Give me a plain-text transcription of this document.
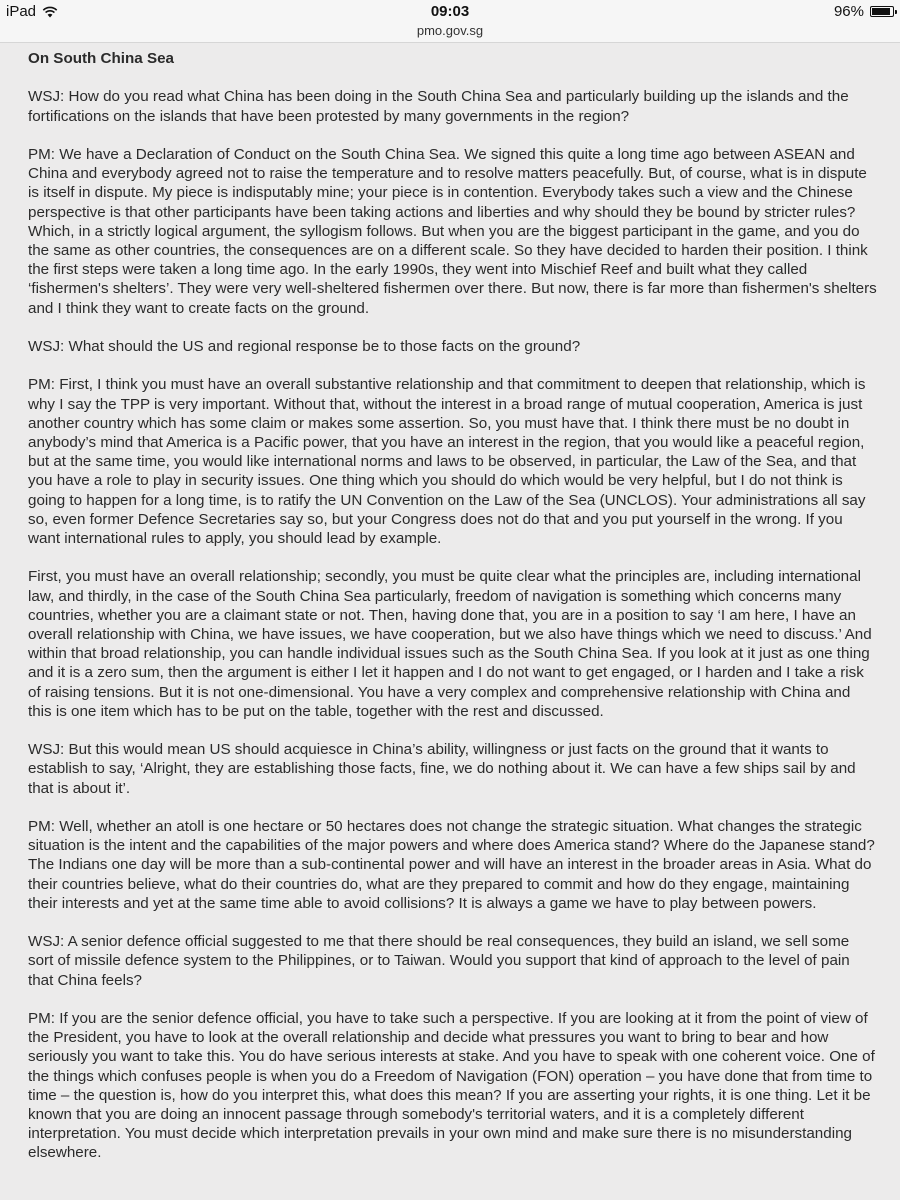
iPad	09:03	96%
pmo.gov.sg
On South China Sea

WSJ: How do you read what China has been doing in the South China Sea and particularly building up the islands and the fortifications on the islands that have been protested by many governments in the region?

PM: We have a Declaration of Conduct on the South China Sea. We signed this quite a long time ago between ASEAN and China and everybody agreed not to raise the temperature and to resolve matters peacefully. But, of course, what is in dispute is itself in dispute. My piece is indisputably mine; your piece is in contention. Everybody takes such a view and the Chinese perspective is that other participants have been taking actions and liberties and why should they be bound by stricter rules? Which, in a strictly logical argument, the syllogism follows. But when you are the biggest participant in the game, and you do the same as other countries, the consequences are on a different scale. So they have decided to harden their position. I think the first steps were taken a long time ago. In the early 1990s, they went into Mischief Reef and built what they called ‘fishermen's shelters’. They were very well-sheltered fishermen over there. But now, there is far more than fishermen's shelters and I think they want to create facts on the ground.

WSJ: What should the US and regional response be to those facts on the ground?

PM: First, I think you must have an overall substantive relationship and that commitment to deepen that relationship, which is why I say the TPP is very important. Without that, without the interest in a broad range of mutual cooperation, America is just another country which has some claim or makes some assertion. So, you must have that. I think there must be no doubt in anybody’s mind that America is a Pacific power, that you have an interest in the region, that you would like a peaceful region, but at the same time, you would like international norms and laws to be observed, in particular, the Law of the Sea, and that you have a role to play in security issues. One thing which you should do which would be very helpful, but I do not think is going to happen for a long time, is to ratify the UN Convention on the Law of the Sea (UNCLOS). Your administrations all say so, even former Defence Secretaries say so, but your Congress does not do that and you put yourself in the wrong. If you want international rules to apply, you should lead by example.

First, you must have an overall relationship; secondly, you must be quite clear what the principles are, including international law, and thirdly, in the case of the South China Sea particularly, freedom of navigation is something which concerns many countries, whether you are a claimant state or not. Then, having done that, you are in a position to say ‘I am here, I have an overall relationship with China, we have issues, we have cooperation, but we also have things which we need to discuss.’ And within that broad relationship, you can handle individual issues such as the South China Sea. If you look at it just as one thing and it is a zero sum, then the argument is either I let it happen and I do not want to get engaged, or I harden and I take a risk of raising tensions. But it is not one-dimensional. You have a very complex and comprehensive relationship with China and this is one item which has to be put on the table, together with the rest and discussed.

WSJ: But this would mean US should acquiesce in China’s ability, willingness or just facts on the ground that it wants to establish to say, ‘Alright, they are establishing those facts, fine, we do nothing about it. We can have a few ships sail by and that is about it’.

PM: Well, whether an atoll is one hectare or 50 hectares does not change the strategic situation. What changes the strategic situation is the intent and the capabilities of the major powers and where does America stand? Where do the Japanese stand? The Indians one day will be more than a sub-continental power and will have an interest in the broader areas in Asia. What do their countries believe, what do their countries do, what are they prepared to commit and how do they engage, maintaining their interests and yet at the same time able to avoid collisions? It is always a game we have to play between powers.

WSJ: A senior defence official suggested to me that there should be real consequences, they build an island, we sell some sort of missile defence system to the Philippines, or to Taiwan. Would you support that kind of approach to the level of pain that China feels?

PM: If you are the senior defence official, you have to take such a perspective. If you are looking at it from the point of view of the President, you have to look at the overall relationship and decide what pressures you want to bring to bear and how seriously you want to take this. You do have serious interests at stake. And you have to speak with one coherent voice. One of the things which confuses people is when you do a Freedom of Navigation (FON) operation – you have done that from time to time – the question is, how do you interpret this, what does this mean? If you are asserting your rights, it is one thing. Let it be known that you are doing an innocent passage through somebody's territorial waters, and it is a completely different interpretation. You must decide which interpretation prevails in your own mind and make sure there is no misunderstanding elsewhere.
